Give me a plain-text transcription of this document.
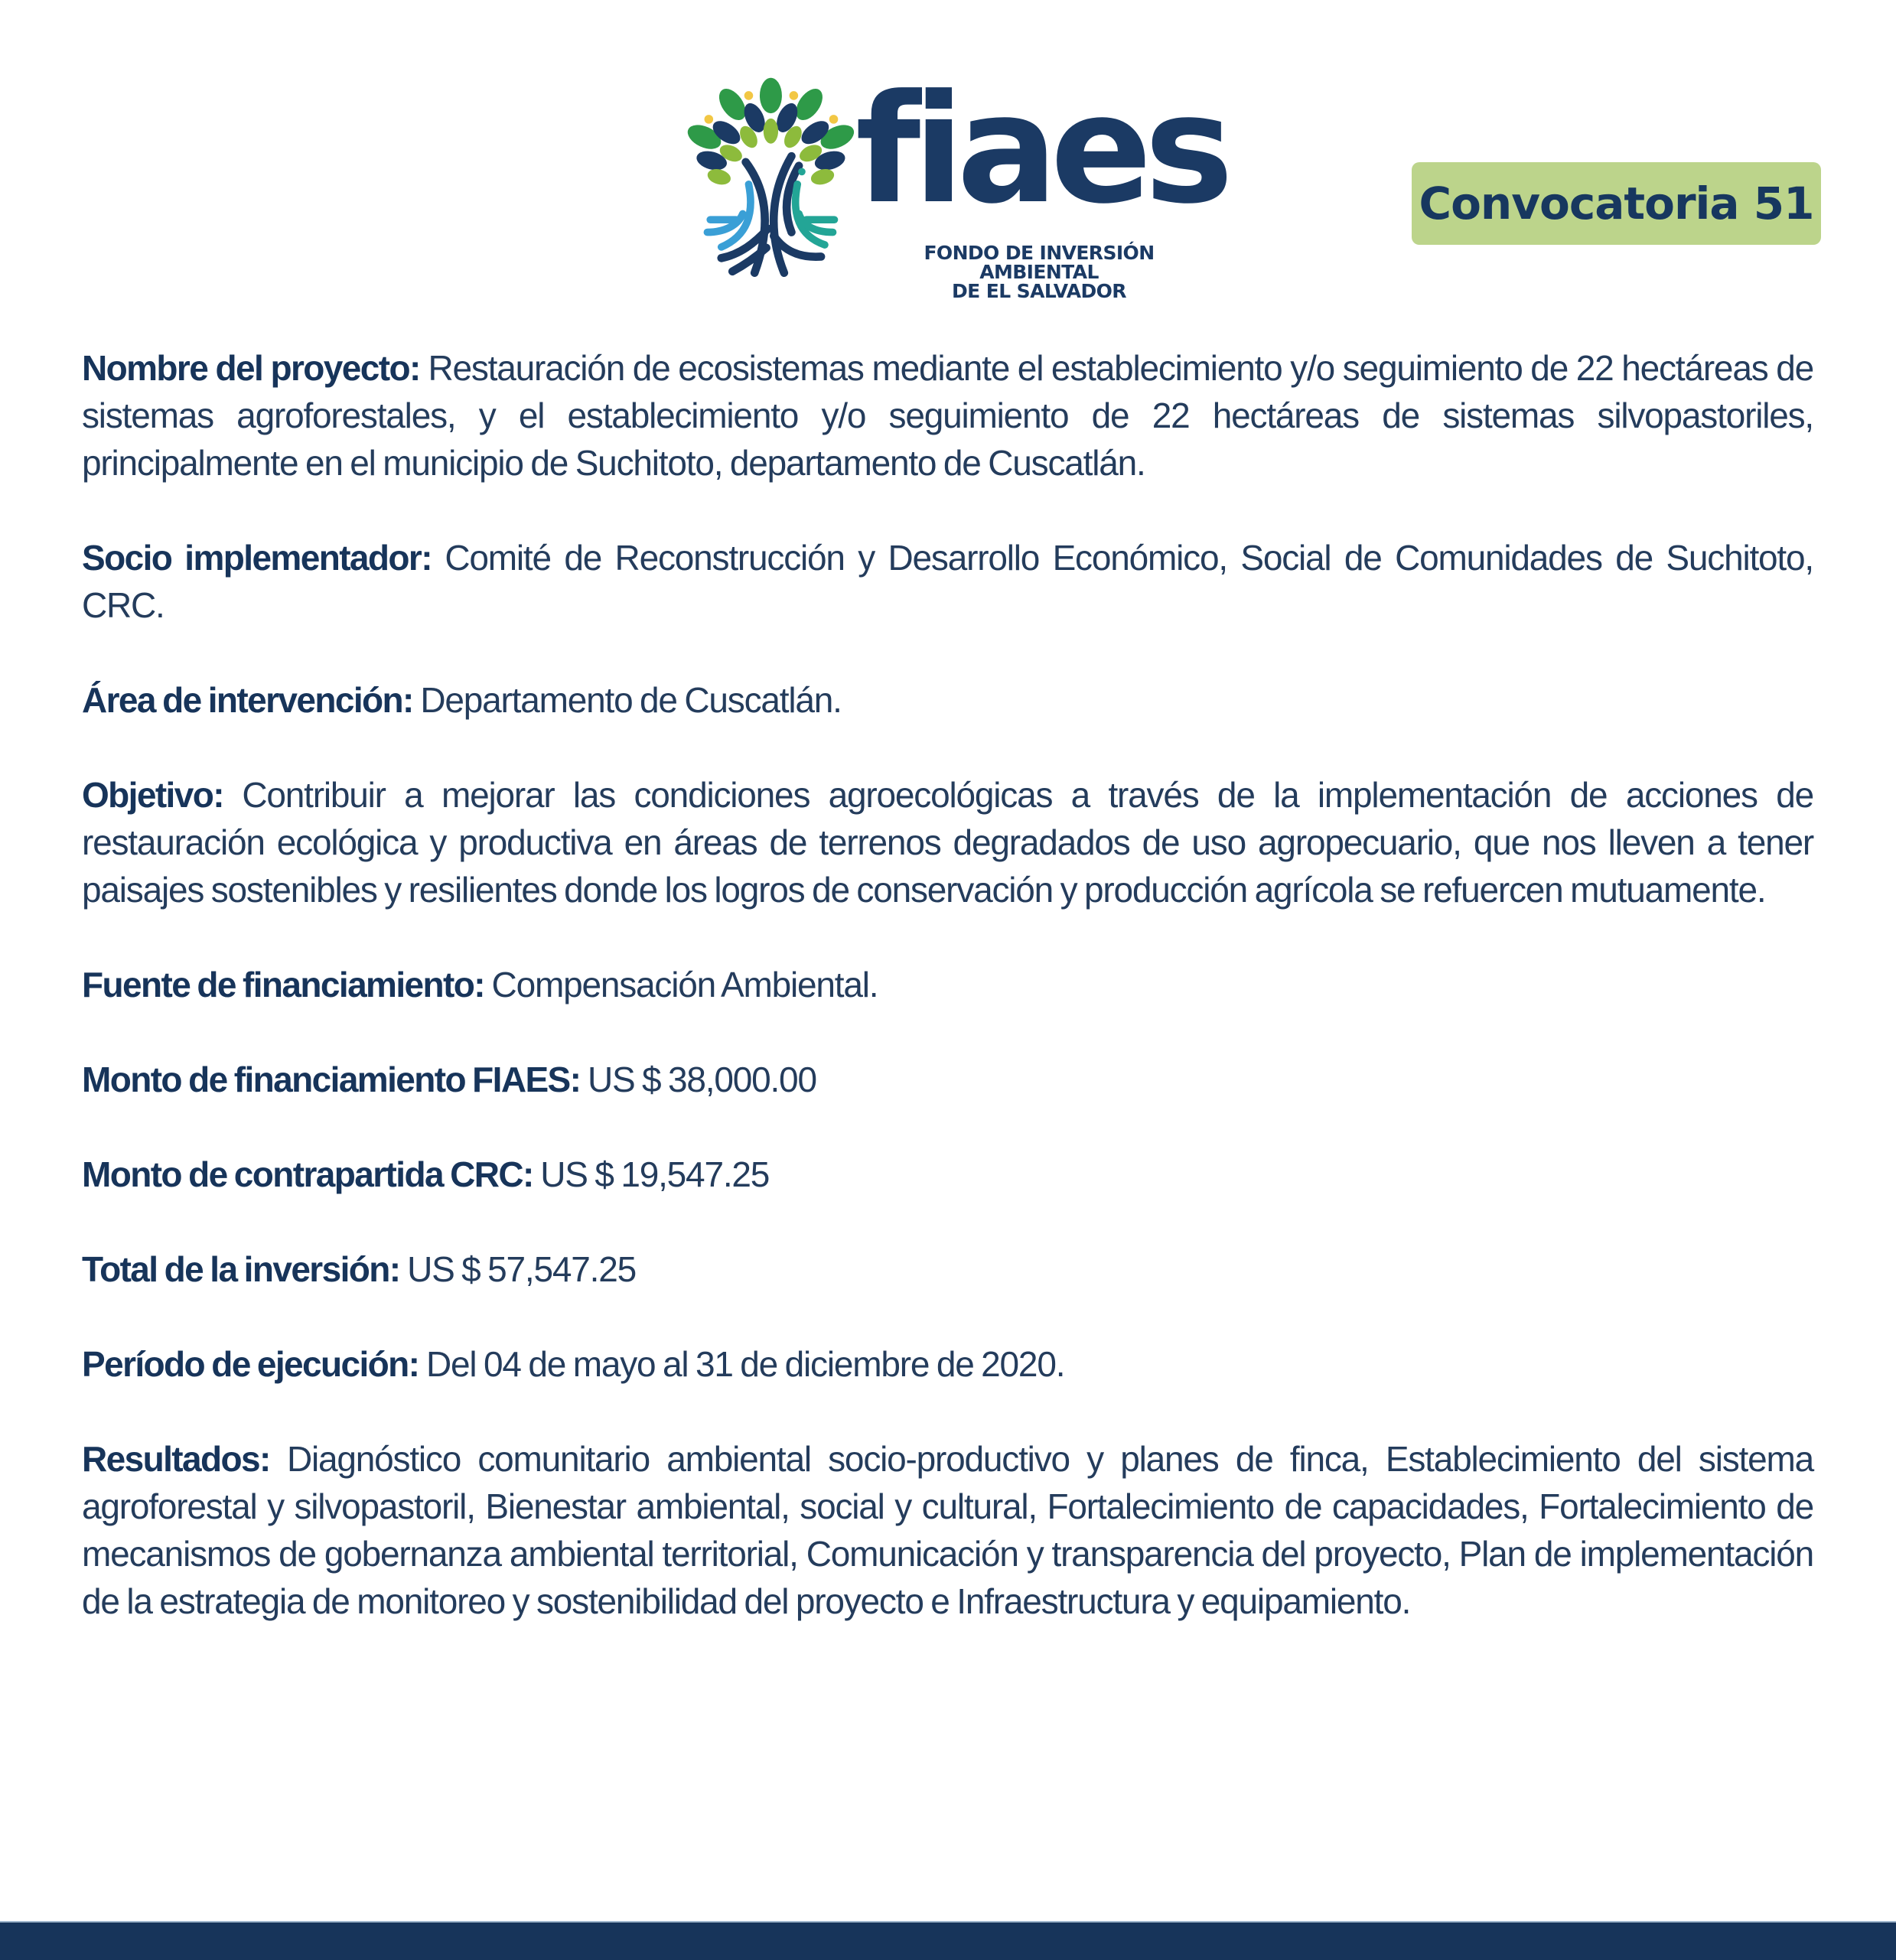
fiaes
FONDO DE INVERSIÓN AMBIENTAL
DE EL SALVADOR
Convocatoria 51

Nombre del proyecto: Restauración de ecosistemas mediante el establecimiento y/o seguimiento de 22 hectáreas de sistemas agroforestales, y el establecimiento y/o seguimiento de 22 hectáreas de sistemas silvopastoriles, principalmente en el municipio de Suchitoto, departamento de Cuscatlán.

Socio implementador: Comité de Reconstrucción y Desarrollo Económico, Social de Comunidades de Suchitoto, CRC.

Área de intervención: Departamento de Cuscatlán.

Objetivo: Contribuir a mejorar las condiciones agroecológicas a través de la implementación de acciones de restauración ecológica y productiva en áreas de terrenos degradados de uso agropecuario, que nos lleven a tener paisajes sostenibles y resilientes donde los logros de conservación y producción agrícola se refuercen mutuamente.

Fuente de financiamiento: Compensación Ambiental.

Monto de financiamiento FIAES: US $ 38,000.00

Monto de contrapartida CRC: US $ 19,547.25

Total de la inversión: US $ 57,547.25

Período de ejecución: Del 04 de mayo al 31 de diciembre de 2020.

Resultados: Diagnóstico comunitario ambiental socio-productivo y planes de finca, Establecimiento del sistema agroforestal y silvopastoril, Bienestar ambiental, social y cultural, Fortalecimiento de capacidades, Fortalecimiento de mecanismos de gobernanza ambiental territorial, Comunicación y transparencia del proyecto, Plan de implementación de la estrategia de monitoreo y sostenibilidad del proyecto e Infraestructura y equipamiento.
